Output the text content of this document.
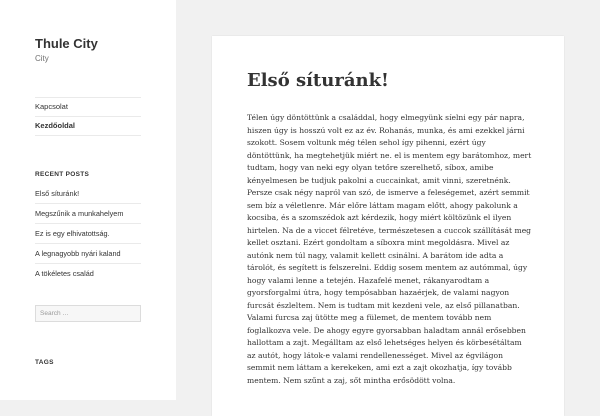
Thule City

City

Kapcsolat
Kezdőoldal
RECENT POSTS
Első síturánk!
Megszűnik a munkahelyem
Ez is egy elhivatottság.
A legnagyobb nyári kaland
A tökéletes család
Search …
TAGS
Első síturánk!

Télen úgy döntöttünk a családdal, hogy elmegyünk síelni egy pár napra, hiszen úgy is hosszú volt ez az év. Rohanás, munka, és ami ezekkel járni szokott. Sosem voltunk még télen sehol így pihenni, ezért úgy döntöttünk, ha megtehetjük miért ne. el is mentem egy barátomhoz, mert tudtam, hogy van neki egy olyan tetőre szerelhető, síbox, amibe kényelmesen be tudjuk pakolni a cuccainkat, amit vinni, szeretnénk. Persze csak négy napról van szó, de ismerve a feleségemet, azért semmit sem bíz a véletlenre. Már előre láttam magam előtt, ahogy pakolunk a kocsiba, és a szomszédok azt kérdezik, hogy miért költözünk el ilyen hirtelen. Na de a viccet félretéve, természetesen a cuccok szállítását meg kellet osztani. Ezért gondoltam a síboxra mint megoldásra. Mivel az autónk nem túl nagy, valamit kellett csinálni. A barátom ide adta a tárolót, és segített is felszerelni. Eddig sosem mentem az autómmal, úgy hogy valami lenne a tetején. Hazafelé menet, rákanyarodtam a gyorsforgalmi útra, hogy tempósabban hazaérjek, de valami nagyon furcsát észleltem. Nem is tudtam mit kezdeni vele, az első pillanatban. Valami furcsa zaj ütötte meg a fülemet, de mentem tovább nem foglalkozva vele. De ahogy egyre gyorsabban haladtam annál erősebben hallottam a zajt. Megálltam az első lehetséges helyen és körbesétáltam az autót, hogy látok-e valami rendellenességet. Mivel az égvilágon semmit nem láttam a kerekeken, ami ezt a zajt okozhatja, így tovább mentem. Nem szűnt a zaj, sőt mintha erősödött volna.
